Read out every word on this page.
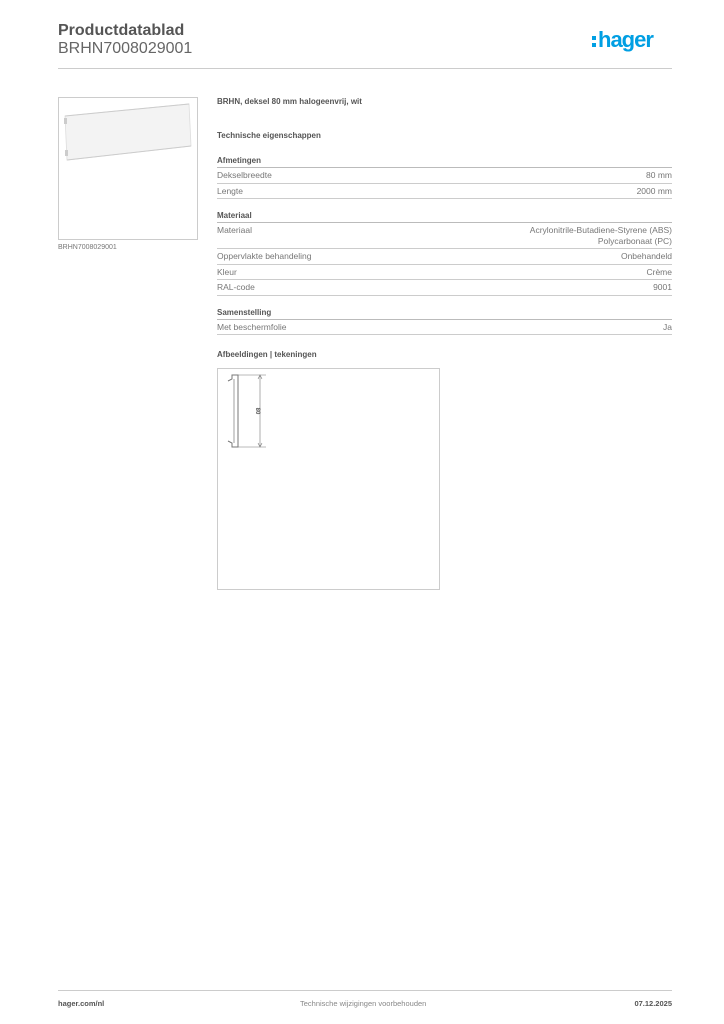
Productdatablad
BRHN7008029001	hager
BRHN7008029001
BRHN, deksel 80 mm halogeenvrij, wit
Technische eigenschappen
Afmetingen
Dekselbreedte	80 mm
Lengte	2000 mm
Materiaal
Materiaal	Acrylonitrile-Butadiene-Styrene (ABS)
Polycarbonaat (PC)
Oppervlakte behandeling	Onbehandeld
Kleur	Crème
RAL-code	9001
Samenstelling
Met beschermfolie	Ja
Afbeeldingen | tekeningen
80
hager.com/nl	Technische wijzigingen voorbehouden	07.12.2025
